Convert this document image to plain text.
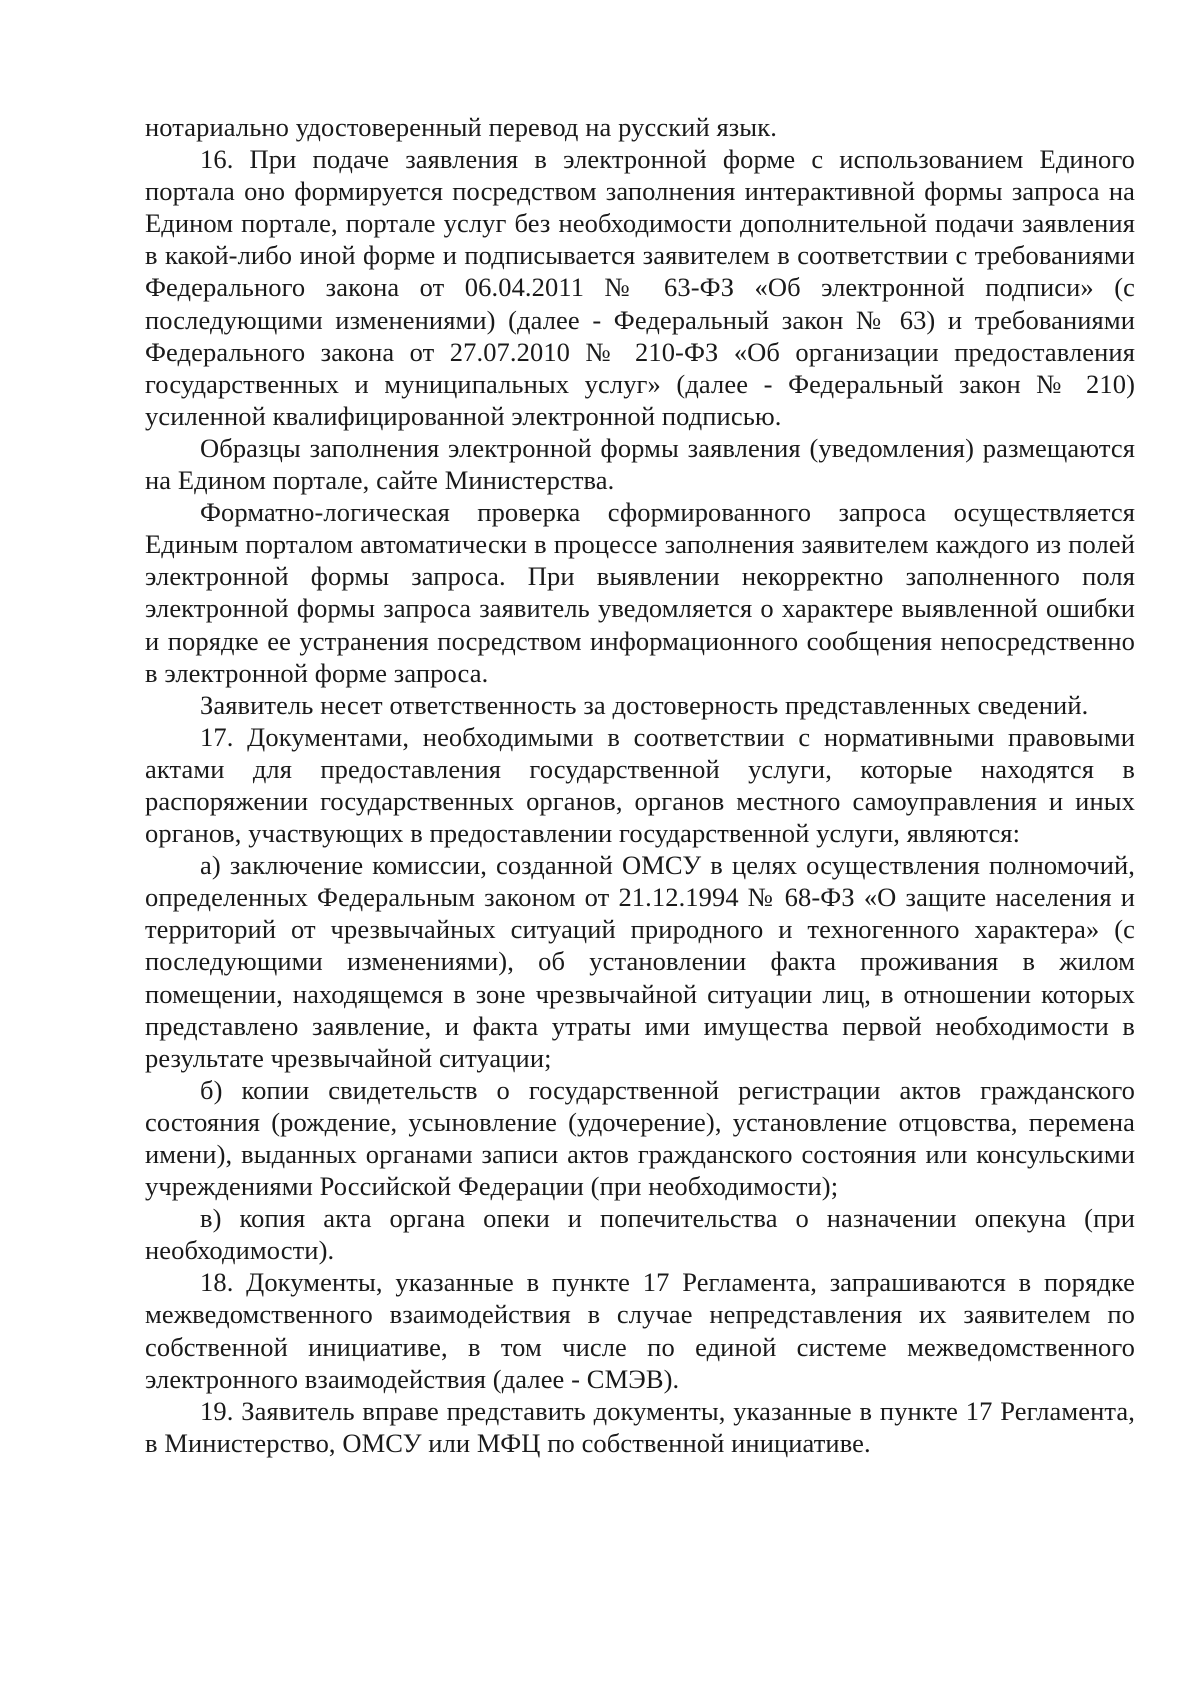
нотариально удостоверенный перевод на русский язык.

16. При подаче заявления в электронной форме с использованием Единого портала оно формируется посредством заполнения интерактивной формы запроса на Едином портале, портале услуг без необходимости дополнительной подачи заявления в какой-либо иной форме и подписывается заявителем в соответствии с требованиями Федерального закона от 06.04.2011 № 63-ФЗ «Об электронной подписи» (с последующими изменениями) (далее - Федеральный закон № 63) и требованиями Федерального закона от 27.07.2010 № 210-ФЗ «Об организации предоставления государственных и муниципальных услуг» (далее - Федеральный закон № 210) усиленной квалифицированной электронной подписью.

Образцы заполнения электронной формы заявления (уведомления) размещаются на Едином портале, сайте Министерства.

Форматно-логическая проверка сформированного запроса осуществляется Единым порталом автоматически в процессе заполнения заявителем каждого из полей электронной формы запроса. При выявлении некорректно заполненного поля электронной формы запроса заявитель уведомляется о характере выявленной ошибки и порядке ее устранения посредством информационного сообщения непосредственно в электронной форме запроса.

Заявитель несет ответственность за достоверность представленных сведений.

17. Документами, необходимыми в соответствии с нормативными правовыми актами для предоставления государственной услуги, которые находятся в распоряжении государственных органов, органов местного самоуправления и иных органов, участвующих в предоставлении государственной услуги, являются:

а) заключение комиссии, созданной ОМСУ в целях осуществления полномочий, определенных Федеральным законом от 21.12.1994 № 68-ФЗ «О защите населения и территорий от чрезвычайных ситуаций природного и техногенного характера» (с последующими изменениями), об установлении факта проживания в жилом помещении, находящемся в зоне чрезвычайной ситуации лиц, в отношении которых представлено заявление, и факта утраты ими имущества первой необходимости в результате чрезвычайной ситуации;

б) копии свидетельств о государственной регистрации актов гражданского состояния (рождение, усыновление (удочерение), установление отцовства, перемена имени), выданных органами записи актов гражданского состояния или консульскими учреждениями Российской Федерации (при необходимости);

в) копия акта органа опеки и попечительства о назначении опекуна (при необходимости).

18. Документы, указанные в пункте 17 Регламента, запрашиваются в порядке межведомственного взаимодействия в случае непредставления их заявителем по собственной инициативе, в том числе по единой системе межведомственного электронного взаимодействия (далее - СМЭВ).

19. Заявитель вправе представить документы, указанные в пункте 17 Регламента, в Министерство, ОМСУ или МФЦ по собственной инициативе.
